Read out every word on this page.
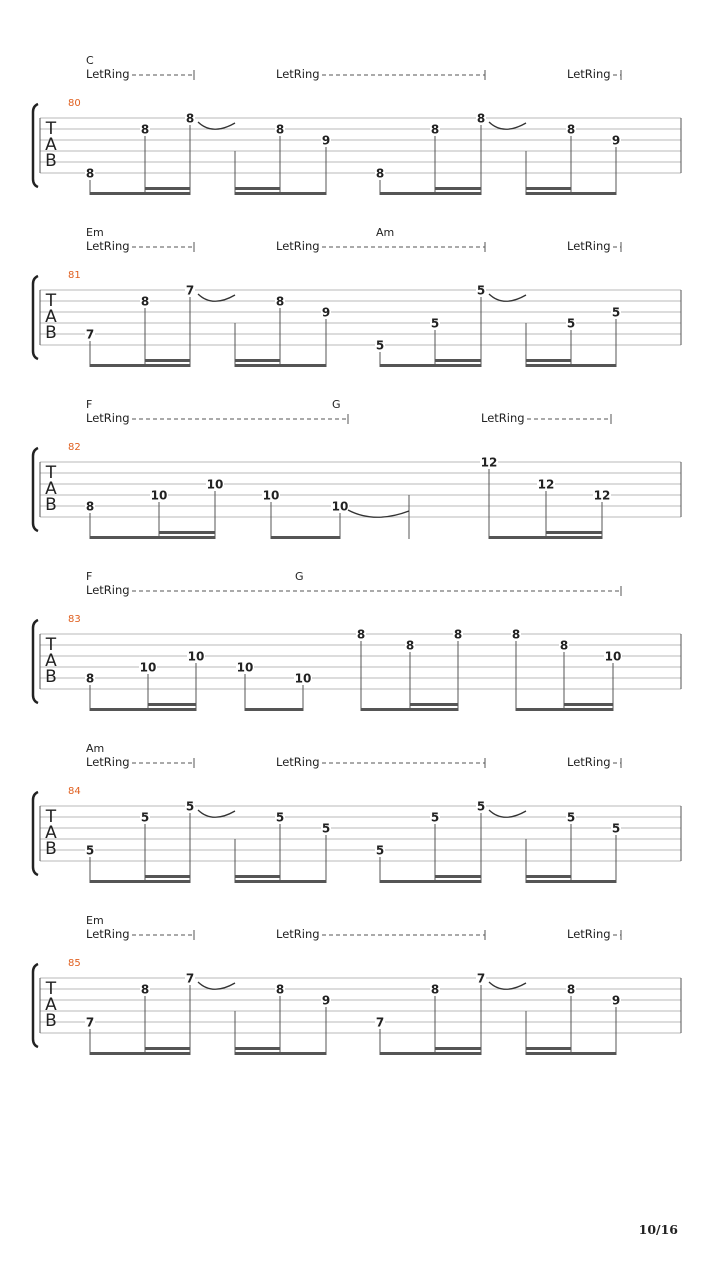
C
LetRing	LetRing	LetRing
80
T
A
B
8
8
8
8
9
8
8
8
8
9
Em	Am
LetRing	LetRing	LetRing
81
T
A
B 7
8
7
8
9
5
5
5
5
5
F	G
LetRing	LetRing
82
T
A
B 8
10
10
10
10
12
12
12
F	G
LetRing
83
T
A
B 8
10
10
10
10
8
8
8	8
8
10
Am
LetRing	LetRing	LetRing
84
T
A
B 5
5
5
5
5
5
5
5
5
5
Em
LetRing	LetRing	LetRing
85
T
A
B 7
8
7
8
9
7
8
7
8
9
10/16
